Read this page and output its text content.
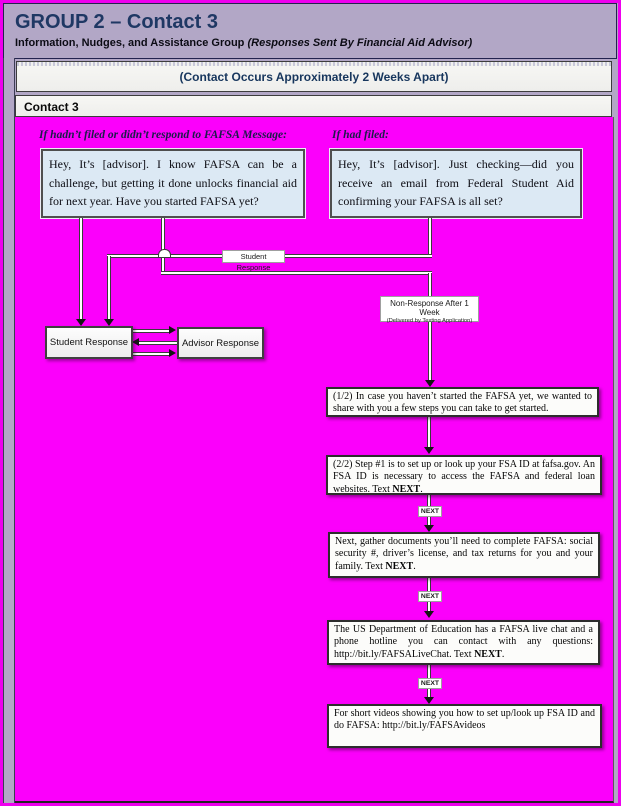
GROUP 2 – Contact 3
Information, Nudges, and Assistance Group (Responses Sent By Financial Aid Advisor)
(Contact Occurs Approximately 2 Weeks Apart)
Contact 3
If hadn’t filed or didn’t respond to FAFSA Message:	If had filed:
Hey, It’s [advisor]. I know FAFSA can be a challenge, but getting it done unlocks financial aid for next year. Have you started FAFSA yet?
Hey, It’s [advisor]. Just checking—did you receive an email from Federal Student Aid confirming your FAFSA is all set?
Student Response
Non-Response After 1 Week
(Delivered by Texting Application)
NEXT
NEXT
NEXT
Student Response	Advisor Response
(1/2) In case you haven’t started the FAFSA yet, we wanted to share with you a few steps you can take to get started.
(2/2) Step #1 is to set up or look up your FSA ID at fafsa.gov. An FSA ID is necessary to access the FAFSA and federal loan websites. Text NEXT.
Next, gather documents you’ll need to complete FAFSA: social security #, driver’s license, and tax returns for you and your family. Text NEXT.
The US Department of Education has a FAFSA live chat and a phone hotline you can contact with any questions: http://bit.ly/FAFSALiveChat. Text NEXT.
For short videos showing you how to set up/look up FSA ID and do FAFSA: http://bit.ly/FAFSAvideos
